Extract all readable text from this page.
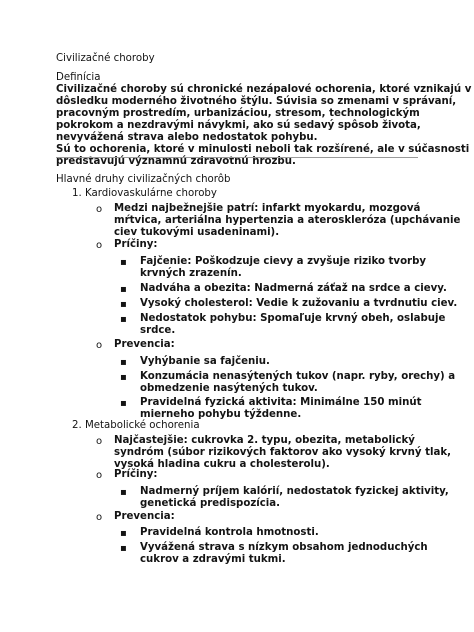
Civilizačné choroby
Definícia
Civilizačné choroby sú chronické nezápalové ochorenia, ktoré vznikajú v
dôsledku moderného životného štýlu. Súvisia so zmenami v správaní,
pracovným prostredím, urbanizáciou, stresom, technologickým
pokrokom a nezdravými návykmi, ako sú sedavý spôsob života,
nevyvážená strava alebo nedostatok pohybu.
Sú to ochorenia, ktoré v minulosti neboli tak rozšírené, ale v súčasnosti
predstavujú významnú zdravotnú hrozbu.
Hlavné druhy civilizačných chorôb
1. Kardiovaskulárne choroby
o	Medzi najbežnejšie patrí: infarkt myokardu, mozgová
mŕtvica, arteriálna hypertenzia a ateroskleróza (upchávanie
ciev tukovými usadeninami).
o	Príčiny:
▪ Fajčenie: Poškodzuje cievy a zvyšuje riziko tvorby
krvných zrazenín.
▪ Nadváha a obezita: Nadmerná záťaž na srdce a cievy.
▪ Vysoký cholesterol: Vedie k zužovaniu a tvrdnutiu ciev.
▪ Nedostatok pohybu: Spomaľuje krvný obeh, oslabuje
srdce.
o	Prevencia:
▪ Vyhýbanie sa fajčeniu.
▪ Konzumácia nenasýtených tukov (napr. ryby, orechy) a
obmedzenie nasýtených tukov.
▪ Pravidelná fyzická aktivita: Minimálne 150 minút
mierneho pohybu týždenne.
2. Metabolické ochorenia
o	Najčastejšie: cukrovka 2. typu, obezita, metabolický
syndróm (súbor rizikových faktorov ako vysoký krvný tlak,
vysoká hladina cukru a cholesterolu).
o	Príčiny:
▪ Nadmerný príjem kalórií, nedostatok fyzickej aktivity,
genetická predispozícia.
o	Prevencia:
▪ Pravidelná kontrola hmotnosti.
▪ Vyvážená strava s nízkym obsahom jednoduchých
cukrov a zdravými tukmi.
